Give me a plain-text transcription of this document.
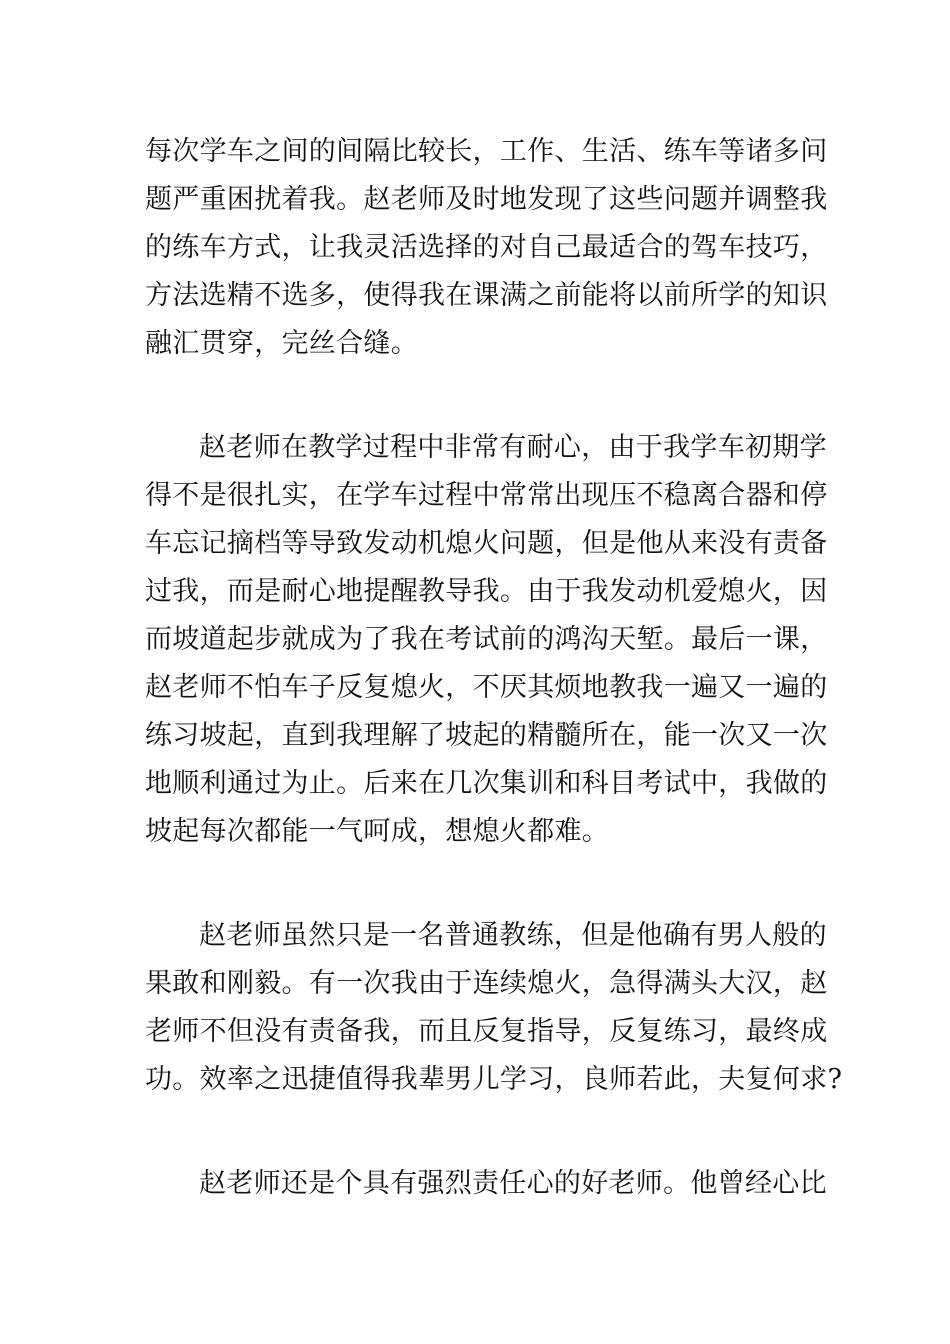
每次学车之间的间隔比较长，工作、生活、练车等诸多问
题严重困扰着我。赵老师及时地发现了这些问题并调整我
的练车方式，让我灵活选择的对自己最适合的驾车技巧，
方法选精不选多，使得我在课满之前能将以前所学的知识
融汇贯穿，完丝合缝。
赵老师在教学过程中非常有耐心，由于我学车初期学
得不是很扎实，在学车过程中常常出现压不稳离合器和停
车忘记摘档等导致发动机熄火问题，但是他从来没有责备
过我，而是耐心地提醒教导我。由于我发动机爱熄火，因
而坡道起步就成为了我在考试前的鸿沟天堑。最后一课，
赵老师不怕车子反复熄火，不厌其烦地教我一遍又一遍的
练习坡起，直到我理解了坡起的精髓所在，能一次又一次
地顺利通过为止。后来在几次集训和科目考试中，我做的
坡起每次都能一气呵成，想熄火都难。
赵老师虽然只是一名普通教练，但是他确有男人般的
果敢和刚毅。有一次我由于连续熄火，急得满头大汉，赵
老师不但没有责备我，而且反复指导，反复练习，最终成
功。效率之迅捷值得我辈男儿学习，良师若此，夫复何求?
赵老师还是个具有强烈责任心的好老师。他曾经心比
